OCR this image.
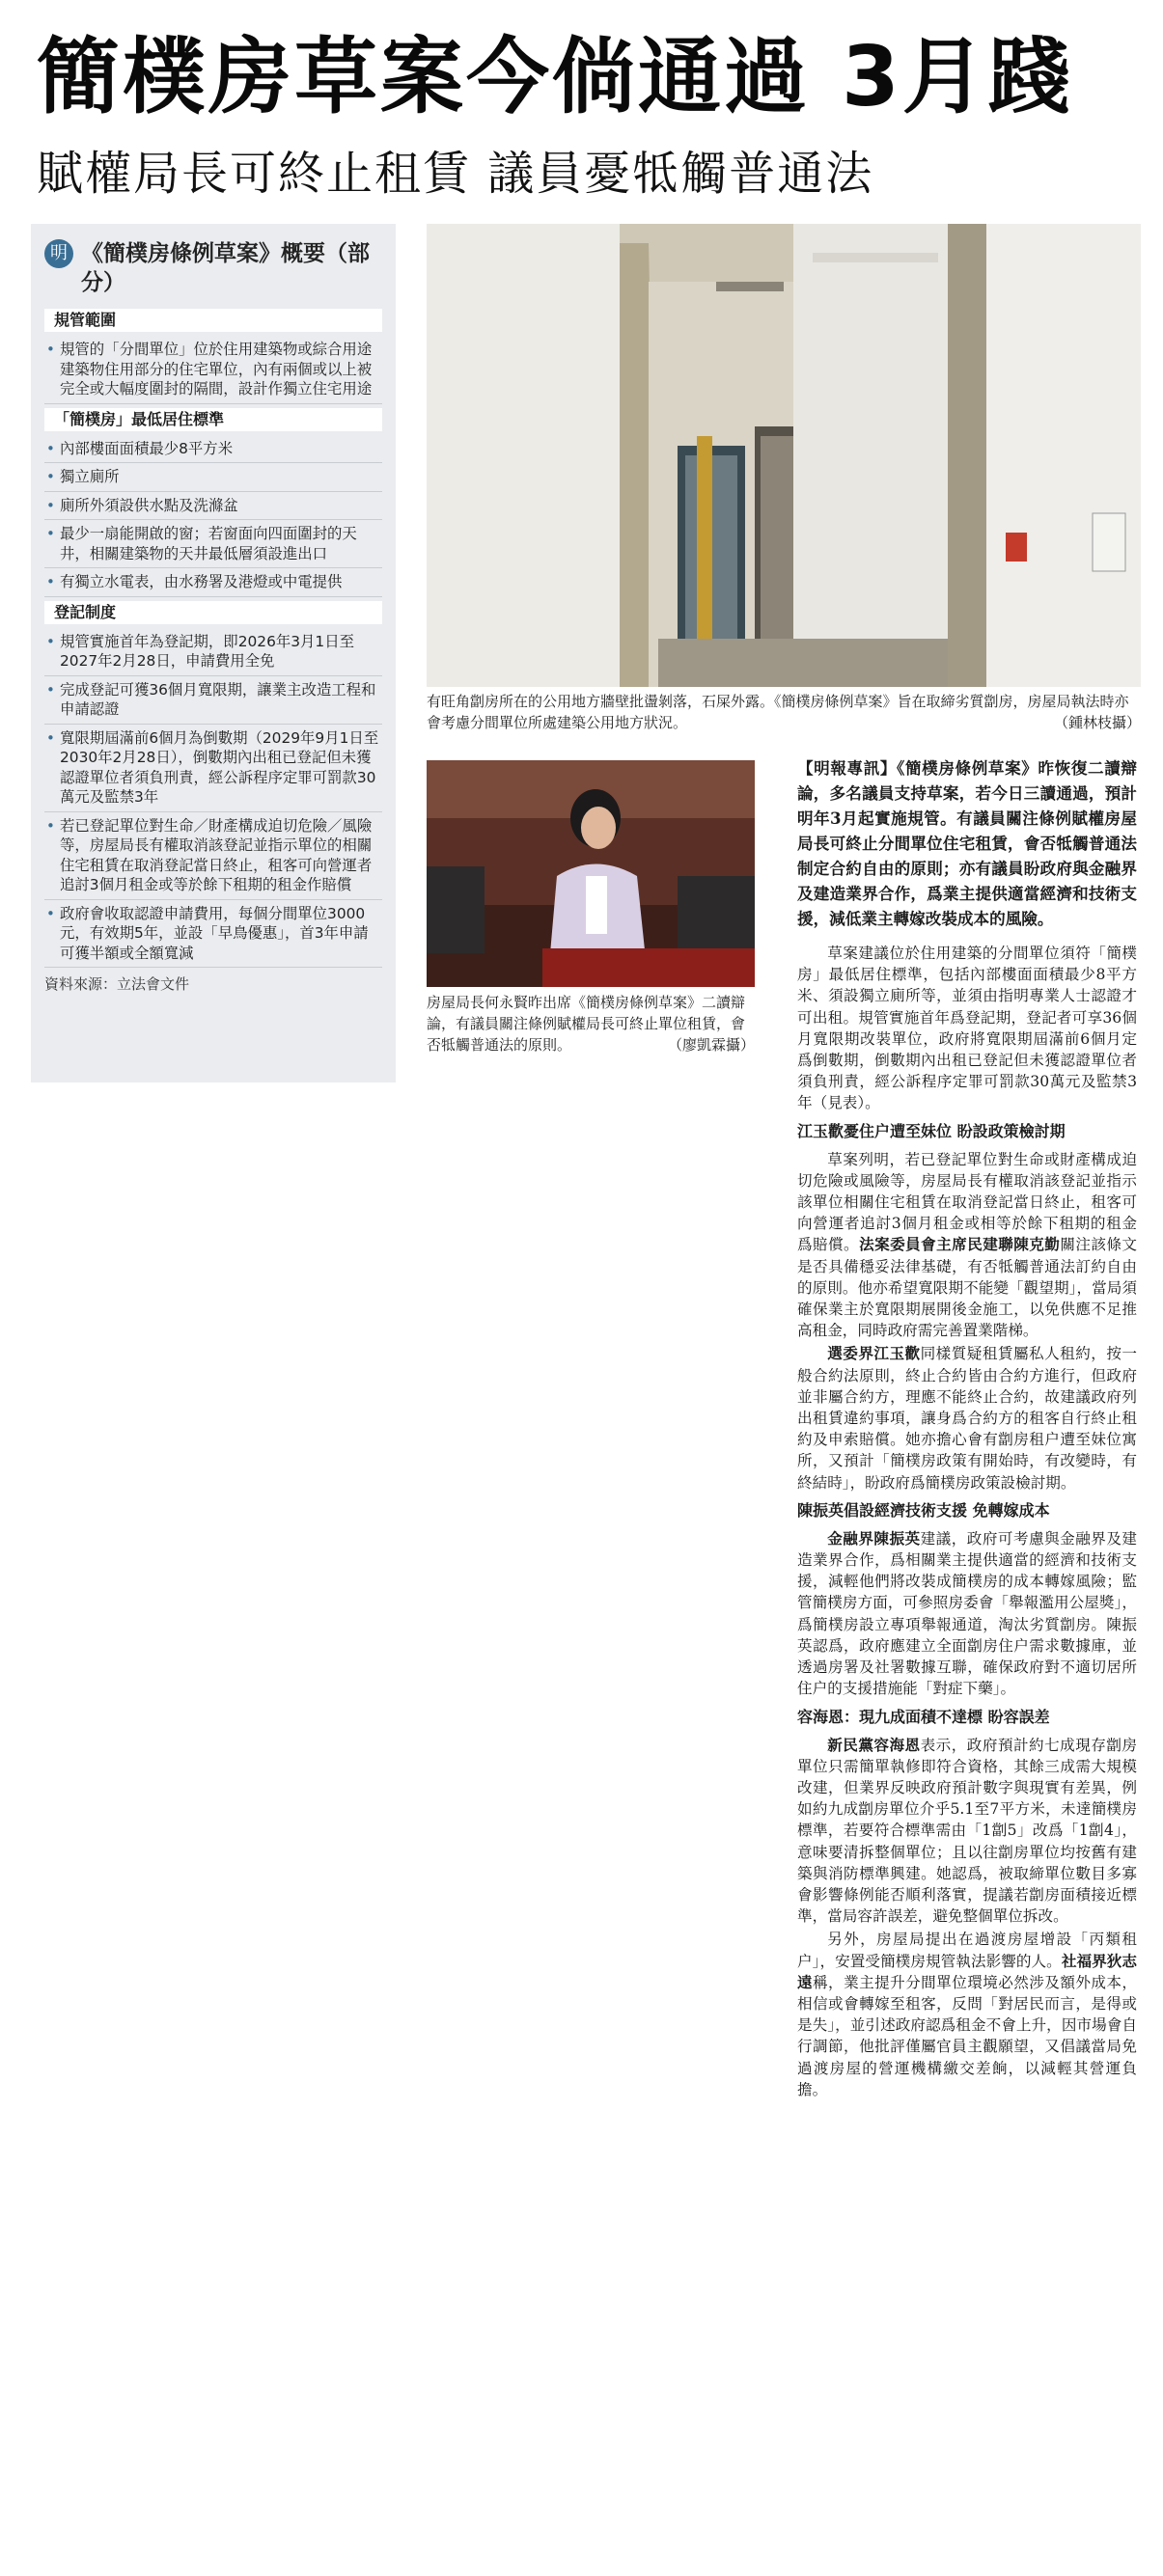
簡樸房草案今倘通過 3月踐
賦權局長可終止租賃 議員憂牴觸普通法
明 《簡樸房條例草案》概要（部分）
規管範圍
• 規管的「分間單位」位於住用建築物或綜合用途建築物住用部分的住宅單位，內有兩個或以上被完全或大幅度圍封的隔間，設計作獨立住宅用途
「簡樸房」最低居住標準
• 內部樓面面積最少8平方米
• 獨立廁所
• 廁所外須設供水點及洗滌盆
• 最少一扇能開啟的窗；若窗面向四面圍封的天井，相關建築物的天井最低層須設進出口
• 有獨立水電表，由水務署及港燈或中電提供
登記制度
• 規管實施首年為登記期，即2026年3月1日至2027年2月28日，申請費用全免
• 完成登記可獲36個月寬限期，讓業主改造工程和申請認證
• 寬限期屆滿前6個月為倒數期（2029年9月1日至2030年2月28日），倒數期內出租已登記但未獲認證單位者須負刑責，經公訴程序定罪可罰款30萬元及監禁3年
• 若已登記單位對生命／財產構成迫切危險／風險等，房屋局長有權取消該登記並指示單位的相關住宅租賃在取消登記當日終止，租客可向營運者追討3個月租金或等於餘下租期的租金作賠償
• 政府會收取認證申請費用，每個分間單位3000元，有效期5年，並設「早鳥優惠」，首3年申請可獲半額或全額寬減
資料來源：立法會文件
有旺角劏房所在的公用地方牆壁批盪剝落，石屎外露。《簡樸房條例草案》旨在取締劣質劏房，房屋局執法時亦會考慮分間單位所處建築公用地方狀況。	（鍾林枝攝）
房屋局長何永賢昨出席《簡樸房條例草案》二讀辯論，有議員關注條例賦權局長可終止單位租賃，會否牴觸普通法的原則。	（廖凱霖攝）
【明報專訊】《簡樸房條例草案》昨恢復二讀辯論，多名議員支持草案，若今日三讀通過，預計明年3月起實施規管。有議員關注條例賦權房屋局長可終止分間單位住宅租賃，會否牴觸普通法制定合約自由的原則；亦有議員盼政府與金融界及建造業界合作，爲業主提供適當經濟和技術支援，減低業主轉嫁改裝成本的風險。

草案建議位於住用建築的分間單位須符「簡樸房」最低居住標準，包括內部樓面面積最少8平方米、須設獨立廁所等，並須由指明專業人士認證才可出租。規管實施首年爲登記期，登記者可享36個月寬限期改裝單位，政府將寬限期屆滿前6個月定爲倒數期，倒數期內出租已登記但未獲認證單位者須負刑責，經公訴程序定罪可罰款30萬元及監禁3年（見表）。

江玉歡憂住户遭至妹位 盼設政策檢討期

草案列明，若已登記單位對生命或財產構成迫切危險或風險等，房屋局長有權取消該登記並指示該單位相關住宅租賃在取消登記當日終止，租客可向營運者追討3個月租金或相等於餘下租期的租金爲賠償。法案委員會主席民建聯陳克勤關注該條文是否具備穩妥法律基礎，有否牴觸普通法訂約自由的原則。他亦希望寬限期不能變「觀望期」，當局須確保業主於寬限期展開後金施工，以免供應不足推高租金，同時政府需完善置業階梯。

選委界江玉歡同樣質疑租賃屬私人租約，按一般合約法原則，終止合約皆由合約方進行，但政府並非屬合約方，理應不能終止合約，故建議政府列出租賃違約事項，讓身爲合約方的租客自行終止租約及申索賠償。她亦擔心會有劏房租户遭至妹位寓所，又預計「簡樸房政策有開始時，有改變時，有終結時」，盼政府爲簡樸房政策設檢討期。

陳振英倡設經濟技術支援 免轉嫁成本

金融界陳振英建議，政府可考慮與金融界及建造業界合作，爲相關業主提供適當的經濟和技術支援，減輕他們將改裝成簡樸房的成本轉嫁風險；監管簡樸房方面，可參照房委會「舉報濫用公屋獎」，爲簡樸房設立專項舉報通道，淘汰劣質劏房。陳振英認爲，政府應建立全面劏房住户需求數據庫，並透過房署及社署數據互聯，確保政府對不適切居所住户的支援措施能「對症下藥」。

容海恩：現九成面積不達標 盼容誤差

新民黨容海恩表示，政府預計約七成現存劏房單位只需簡單執修即符合資格，其餘三成需大規模改建，但業界反映政府預計數字與現實有差異，例如約九成劏房單位介乎5.1至7平方米，未達簡樸房標準，若要符合標準需由「1劏5」改爲「1劏4」，意味要清拆整個單位；且以往劏房單位均按舊有建築與消防標準興建。她認爲，被取締單位數目多寡會影響條例能否順利落實，提議若劏房面積接近標準，當局容許誤差，避免整個單位拆改。

另外，房屋局提出在過渡房屋增設「丙類租户」，安置受簡樸房規管執法影響的人。社福界狄志遠稱，業主提升分間單位環境必然涉及額外成本，相信或會轉嫁至租客，反問「對居民而言，是得或是失」，並引述政府認爲租金不會上升，因市場會自行調節，他批評僅屬官員主觀願望，又倡議當局免過渡房屋的營運機構繳交差餉，以減輕其營運負擔。
